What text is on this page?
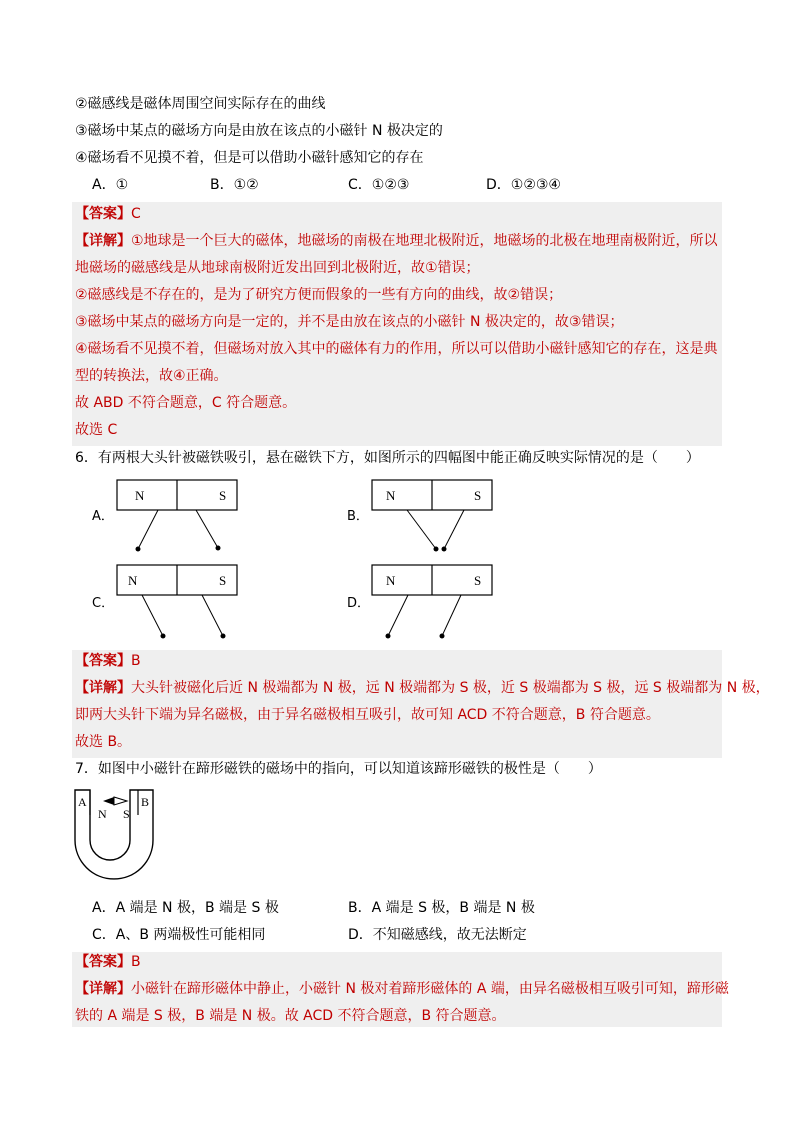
②磁感线是磁体周围空间实际存在的曲线
③磁场中某点的磁场方向是由放在该点的小磁针 N 极决定的
④磁场看不见摸不着，但是可以借助小磁针感知它的存在
A．①	B．①②	C．①②③	D．①②③④
【答案】C
【详解】①地球是一个巨大的磁体，地磁场的南极在地理北极附近，地磁场的北极在地理南极附近，所以
地磁场的磁感线是从地球南极附近发出回到北极附近，故①错误；
②磁感线是不存在的，是为了研究方便而假象的一些有方向的曲线，故②错误；
③磁场中某点的磁场方向是一定的，并不是由放在该点的小磁针 N 极决定的，故③错误；
④磁场看不见摸不着，但磁场对放入其中的磁体有力的作用，所以可以借助小磁针感知它的存在，这是典
型的转换法，故④正确。
故 ABD 不符合题意，C 符合题意。
故选 C
6．有两根大头针被磁铁吸引，悬在磁铁下方，如图所示的四幅图中能正确反映实际情况的是（　　）
A．
N	S	N	S
N	S	N	S
A	B
N S
B．
C．	D．
【答案】B
【详解】大头针被磁化后近 N 极端都为 N 极，远 N 极端都为 S 极，近 S 极端都为 S 极，远 S 极端都为 N 极，
即两大头针下端为异名磁极，由于异名磁极相互吸引，故可知 ACD 不符合题意，B 符合题意。
故选 B。
7．如图中小磁针在蹄形磁铁的磁场中的指向，可以知道该蹄形磁铁的极性是（　　）
A．A 端是 N 极，B 端是 S 极	B．A 端是 S 极，B 端是 N 极
C．A、B 两端极性可能相同	D．不知磁感线，故无法断定
【答案】B
【详解】小磁针在蹄形磁体中静止，小磁针 N 极对着蹄形磁体的 A 端，由异名磁极相互吸引可知，蹄形磁
铁的 A 端是 S 极，B 端是 N 极。故 ACD 不符合题意，B 符合题意。
